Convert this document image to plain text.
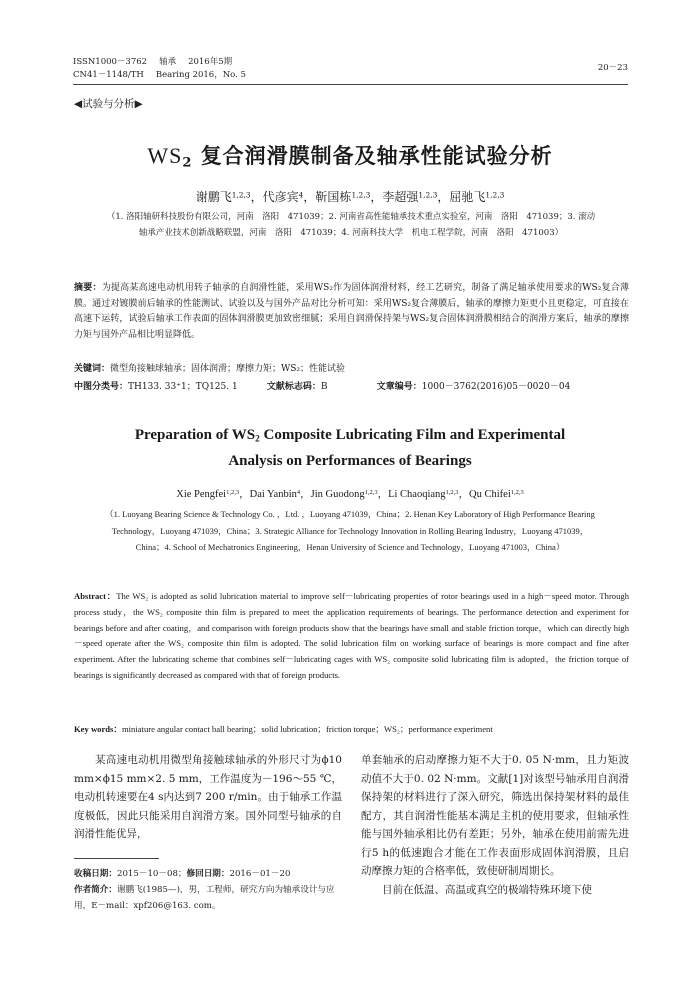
ISSN1000－3762 轴承 2016年5期
CN41－1148/TH Bearing 2016，No. 5
20－23
◀试验与分析▶
$WS_2$ 复合润滑膜制备及轴承性能试验分析
谢鹏飞$^{1,2,3}$，代彦宾$^4$，靳国栋$^{1,2,3}$，李超强$^{1,2,3}$，屈驰飞$^{1,2,3}$
（1. 洛阳轴研科技股份有限公司，河南　洛阳　471039；2. 河南省高性能轴承技术重点实验室，河南　洛阳　471039；3. 滚动轴承产业技术创新战略联盟，河南　洛阳　471039；4. 河南科技大学　机电工程学院，河南　洛阳　471003）
摘要：为提高某高速电动机用转子轴承的自润滑性能，采用WS₂作为固体润滑材料，经工艺研究，制备了满足轴承使用要求的WS₂复合薄膜。通过对镀膜前后轴承的性能测试、试验以及与国外产品对比分析可知：采用WS₂复合薄膜后，轴承的摩擦力矩更小且更稳定，可直接在高速下运转，试验后轴承工作表面的固体润滑膜更加致密细腻；采用自润滑保持架与WS₂复合固体润滑膜相结合的润滑方案后，轴承的摩擦力矩与国外产品相比明显降低。
关键词：微型角接触球轴承；固体润滑；摩擦力矩；WS₂；性能试验
中图分类号：TH133. 33⁺1；TQ125. 1	文献标志码：B	文章编号：1000－3762(2016)05－0020－04
Preparation of $WS_2$ Composite Lubricating Film and Experimental
Analysis on Performances of Bearings
Xie Pengfei$^{1,2,3}$，Dai Yanbin$^4$，Jin Guodong$^{1,2,3}$，Li Chaoqiang$^{1,2,3}$，Qu Chifei$^{1,2,3}$
（1. Luoyang Bearing Science & Technology Co. ，Ltd. ，Luoyang 471039，China；2. Henan Key Laboratory of High Performance Bearing Technology，Luoyang 471039，China；3. Strategic Alliance for Technology Innovation in Rolling Bearing Industry，Luoyang 471039，China；4. School of Mechatronics Engineering，Henan University of Science and Technology，Luoyang 471003，China）
Abstract：The WS₂ is adopted as solid lubrication material to improve self－lubricating properties of rotor bearings used in a high－speed motor. Through process study，the WS₂ composite thin film is prepared to meet the application requirements of bearings. The performance detection and experiment for bearings before and after coating，and comparison with foreign products show that the bearings have small and stable friction torque，which can directly high－speed operate after the WS₂ composite thin film is adopted. The solid lubrication film on working surface of bearings is more compact and fine after experiment. After the lubricating scheme that combines self－lubricating cages with WS₂ composite solid lubricating film is adopted，the friction torque of bearings is significantly decreased as compared with that of foreign products.
Key words：miniature angular contact ball bearing；solid lubrication；friction torque；WS₂；performance experiment

某高速电动机用微型角接触球轴承的外形尺寸为ϕ10 mm×ϕ15 mm×2. 5 mm，工作温度为－196～55 ℃，电动机转速要在4 s内达到7 200 r/min。由于轴承工作温度极低，因此只能采用自润滑方案。国外同型号轴承的自润滑性能优异，

收稿日期：2015－10－08；修回日期：2016－01－20
作者简介：谢鹏飞(1985—)，男，工程师，研究方向为轴承设计与应用，E－mail：xpf206@163. com。

单套轴承的启动摩擦力矩不大于0. 05 N·mm，且力矩波动值不大于0. 02 N·mm。文献[1]对该型号轴承用自润滑保持架的材料进行了深入研究，筛选出保持架材料的最佳配方，其自润滑性能基本满足主机的使用要求，但轴承性能与国外轴承相比仍有差距；另外，轴承在使用前需先进行5 h的低速跑合才能在工作表面形成固体润滑膜，且启动摩擦力矩的合格率低，致使研制周期长。

目前在低温、高温或真空的极端特殊环境下使
